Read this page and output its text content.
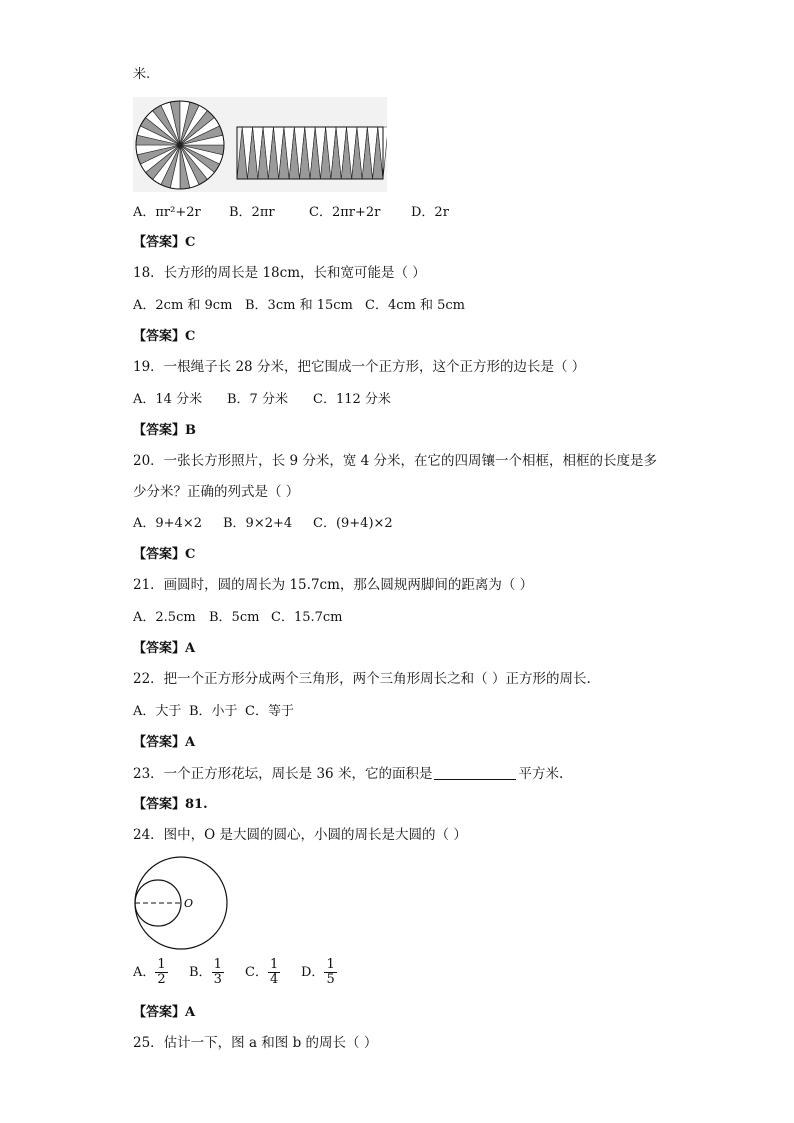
米.
A．πr²+2r B．2πr	C．2πr+2r D．2r
【答案】C
18．长方形的周长是 18cm，长和宽可能是（ ）
A．2cm 和 9cm B．3cm 和 15cm C．4cm 和 5cm
【答案】C
19．一根绳子长 28 分米，把它围成一个正方形，这个正方形的边长是（ ）
A．14 分米 B．7 分米 C．112 分米
【答案】B
20．一张长方形照片，长 9 分米，宽 4 分米，在它的四周镶一个相框，相框的长度是多
少分米？正确的列式是（ ）
A．9+4×2 B．9×2+4 C．(9+4)×2
【答案】C
21．画圆时，圆的周长为 15.7cm，那么圆规两脚间的距离为（ ）
A．2.5cm B．5cm C．15.7cm
【答案】A
22．把一个正方形分成两个三角形，两个三角形周长之和（ ）正方形的周长.
A．大于 B．小于 C．等于
【答案】A
23．一个正方形花坛，周长是 36 米，它的面积是	平方米.
【答案】81.
24．图中，O 是大圆的圆心，小圆的周长是大圆的（ ）
O
A． $\frac{1}{2}$ B． $\frac{1}{3}$ C． $\frac{1}{4}$ D． $\frac{1}{5}$
【答案】A
25．估计一下，图 a 和图 b 的周长（ ）
